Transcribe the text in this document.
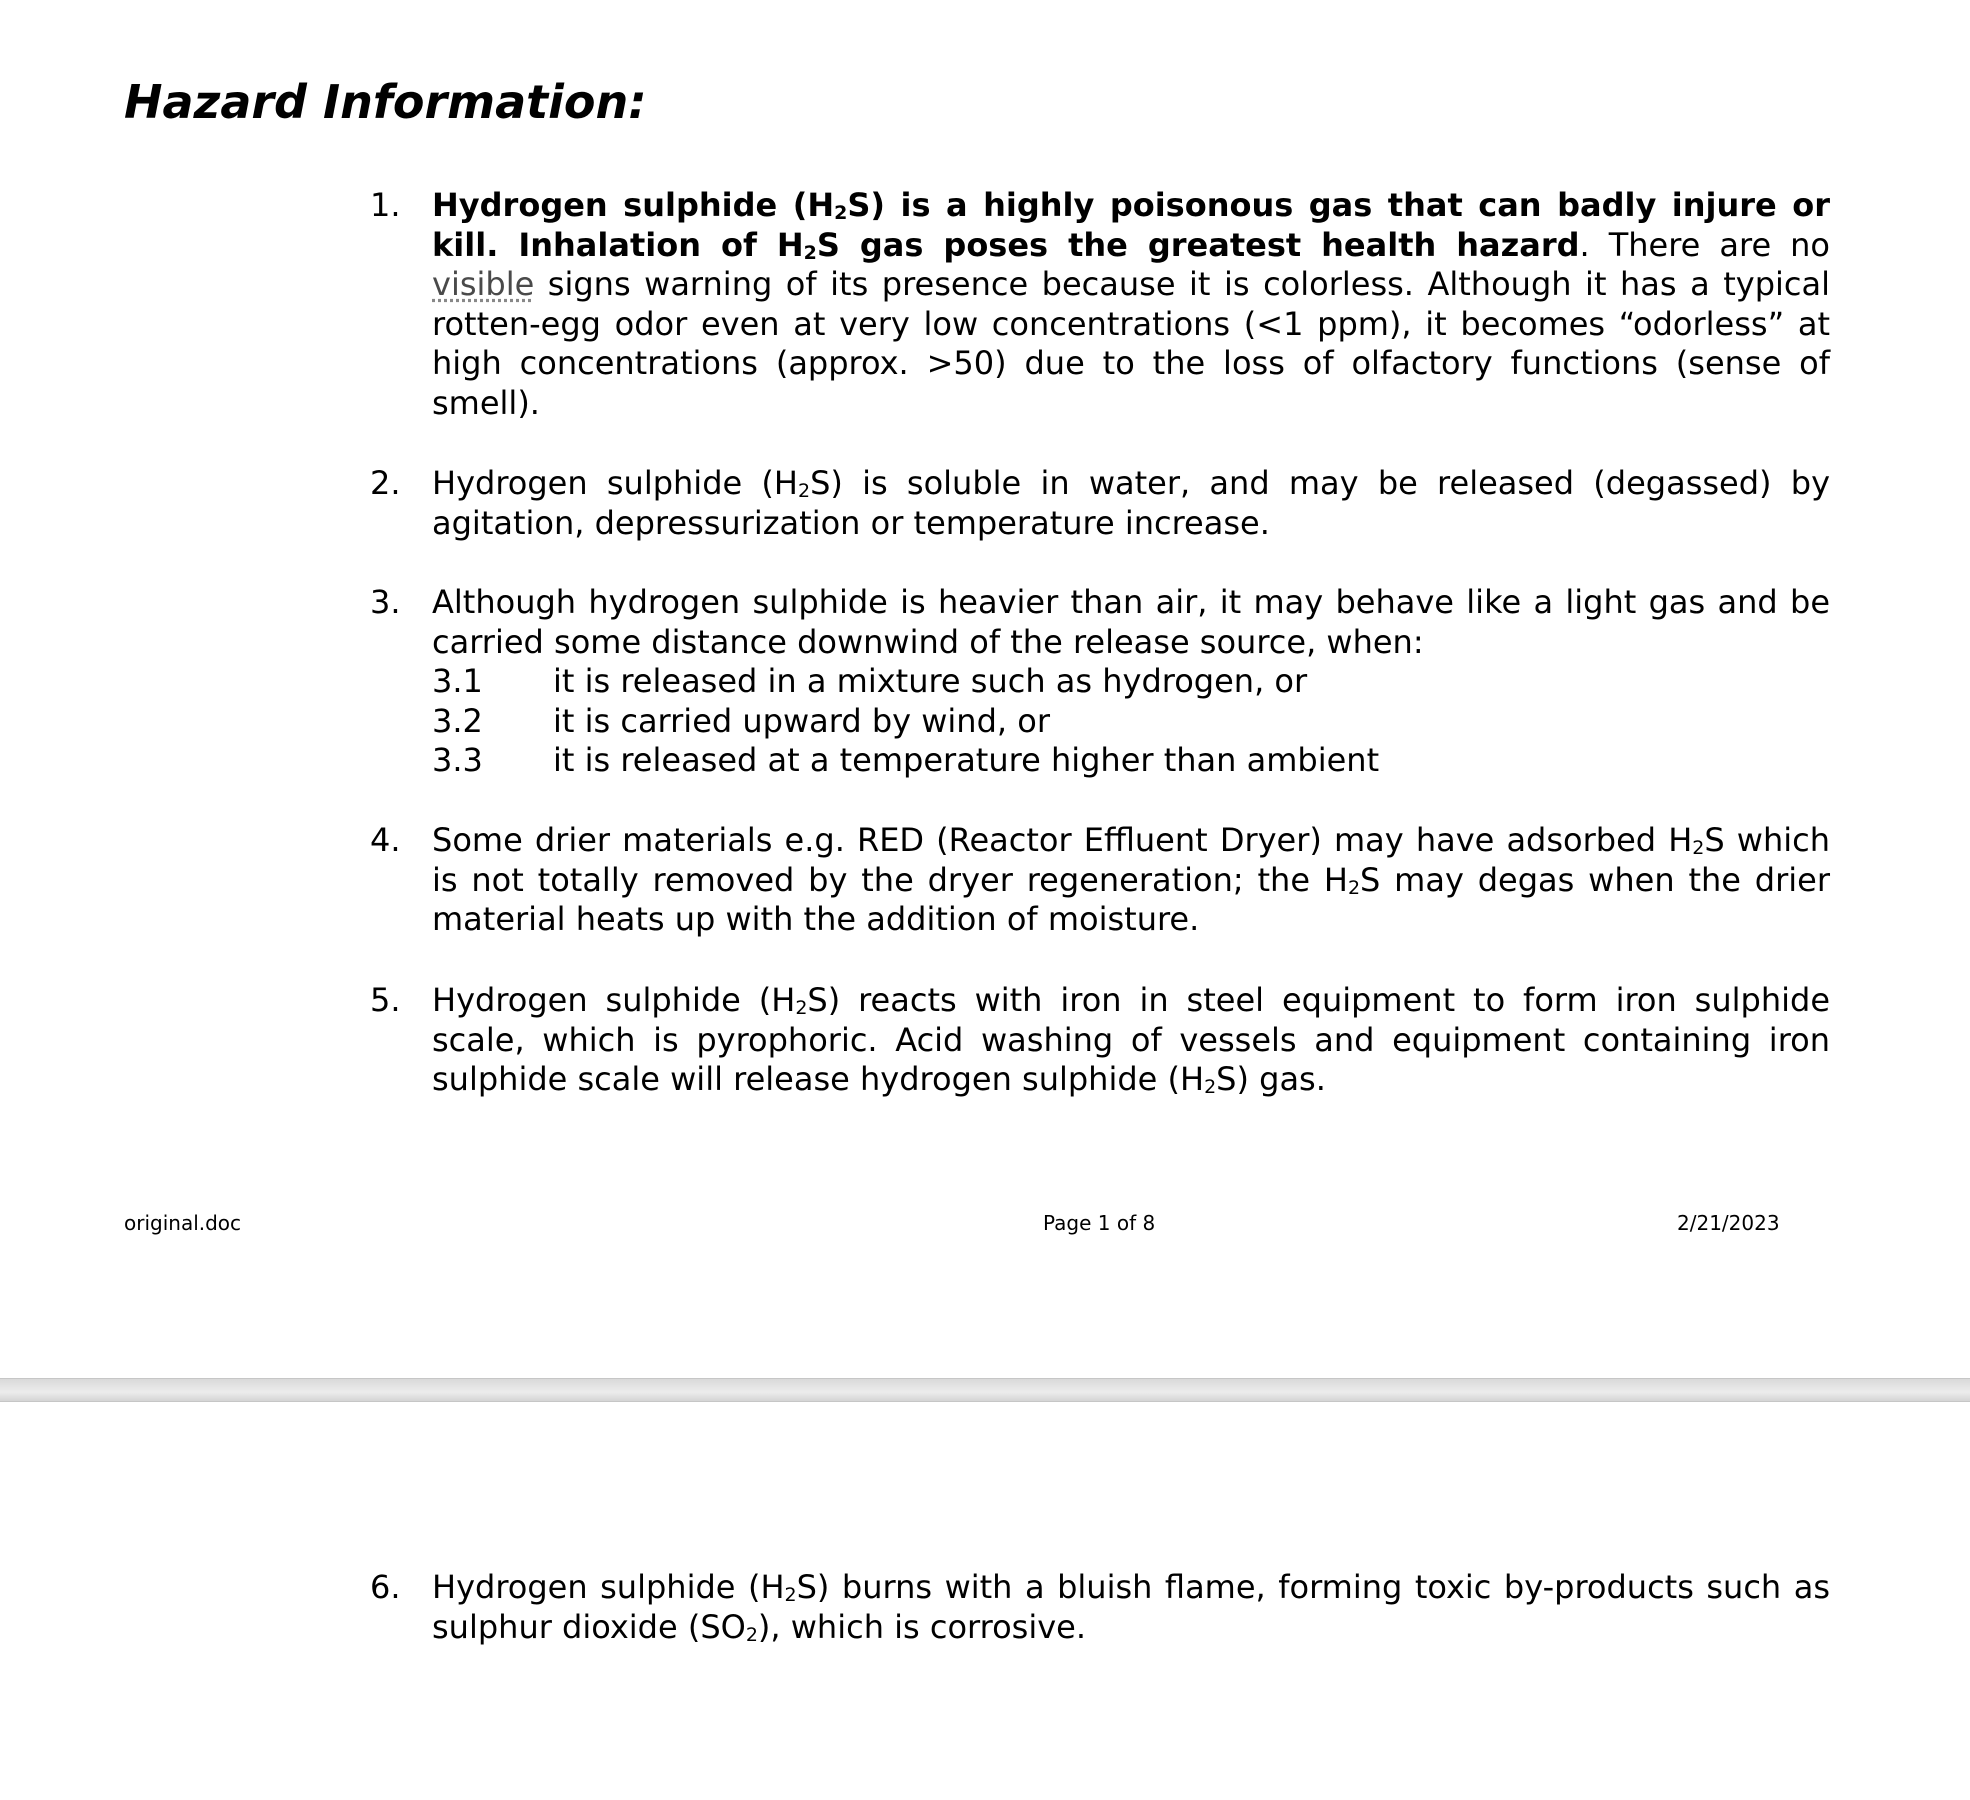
Hazard Information:
1. Hydrogen sulphide $(H_2S)$ is a highly poisonous gas that can badly injure or kill. Inhalation of $H_2S$ gas poses the greatest health hazard. There are no visible signs warning of its presence because it is colorless. Although it has a typical rotten-egg odor even at very low concentrations (<1 ppm), it becomes “odorless” at high concentrations (approx. >50) due to the loss of olfactory functions (sense of smell).
2. Hydrogen sulphide $(H_2S)$ is soluble in water, and may be released (degassed) by agitation, depressurization or temperature increase.
3. Although hydrogen sulphide is heavier than air, it may behave like a light gas and be carried some distance downwind of the release source, when:
3.1	it is released in a mixture such as hydrogen, or
3.2	it is carried upward by wind, or
3.3	it is released at a temperature higher than ambient
4. Some drier materials e.g. RED (Reactor Effluent Dryer) may have adsorbed $H_2S$ which is not totally removed by the dryer regeneration; the $H_2S$ may degas when the drier material heats up with the addition of moisture.
5. Hydrogen sulphide $(H_2S)$ reacts with iron in steel equipment to form iron sulphide scale, which is pyrophoric. Acid washing of vessels and equipment containing iron sulphide scale will release hydrogen sulphide $(H_2S)$ gas.
original.doc	Page 1 of 8	2/21/2023
6. Hydrogen sulphide $(H_2S)$ burns with a bluish flame, forming toxic by-products such as sulphur dioxide $(SO_2)$, which is corrosive.
